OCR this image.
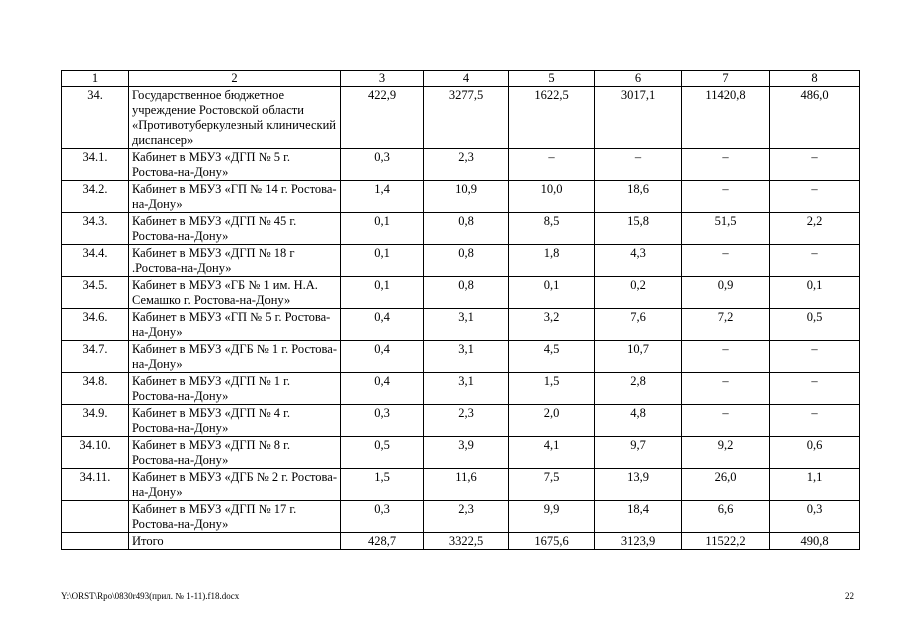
1	2	3	4	5	6	7	8
34.	Государственное бюджетное учреждение Ростовской области «Противотуберкулезный клинический диспансер»	422,9	3277,5	1622,5	3017,1	11420,8	486,0
34.1.	Кабинет в МБУЗ «ДГП № 5 г. Ростова-на-Дону»	0,3	2,3	–	–	–	–
34.2.	Кабинет в МБУЗ «ГП № 14 г. Ростова-на-Дону»	1,4	10,9	10,0	18,6	–	–
34.3.	Кабинет в МБУЗ «ДГП № 45 г. Ростова-на-Дону»	0,1	0,8	8,5	15,8	51,5	2,2
34.4.	Кабинет в МБУЗ «ДГП № 18 г .Ростова-на-Дону»	0,1	0,8	1,8	4,3	–	–
34.5.	Кабинет в МБУЗ «ГБ № 1 им. Н.А. Семашко г. Ростова-на-Дону»	0,1	0,8	0,1	0,2	0,9	0,1
34.6.	Кабинет в МБУЗ «ГП № 5 г. Ростова-на-Дону»	0,4	3,1	3,2	7,6	7,2	0,5
34.7.	Кабинет в МБУЗ «ДГБ № 1 г. Ростова-на-Дону»	0,4	3,1	4,5	10,7	–	–
34.8.	Кабинет в МБУЗ «ДГП № 1 г. Ростова-на-Дону»	0,4	3,1	1,5	2,8	–	–
34.9.	Кабинет в МБУЗ «ДГП № 4 г. Ростова-на-Дону»	0,3	2,3	2,0	4,8	–	–
34.10.	Кабинет в МБУЗ «ДГП № 8 г. Ростова-на-Дону»	0,5	3,9	4,1	9,7	9,2	0,6
34.11.	Кабинет в МБУЗ «ДГБ № 2 г. Ростова-на-Дону»	1,5	11,6	7,5	13,9	26,0	1,1
	Кабинет в МБУЗ «ДГП № 17 г. Ростова-на-Дону»	0,3	2,3	9,9	18,4	6,6	0,3
	Итого	428,7	3322,5	1675,6	3123,9	11522,2	490,8
Y:\ORST\Rpo\0830r493(прил. № 1-11).f18.docx	22
